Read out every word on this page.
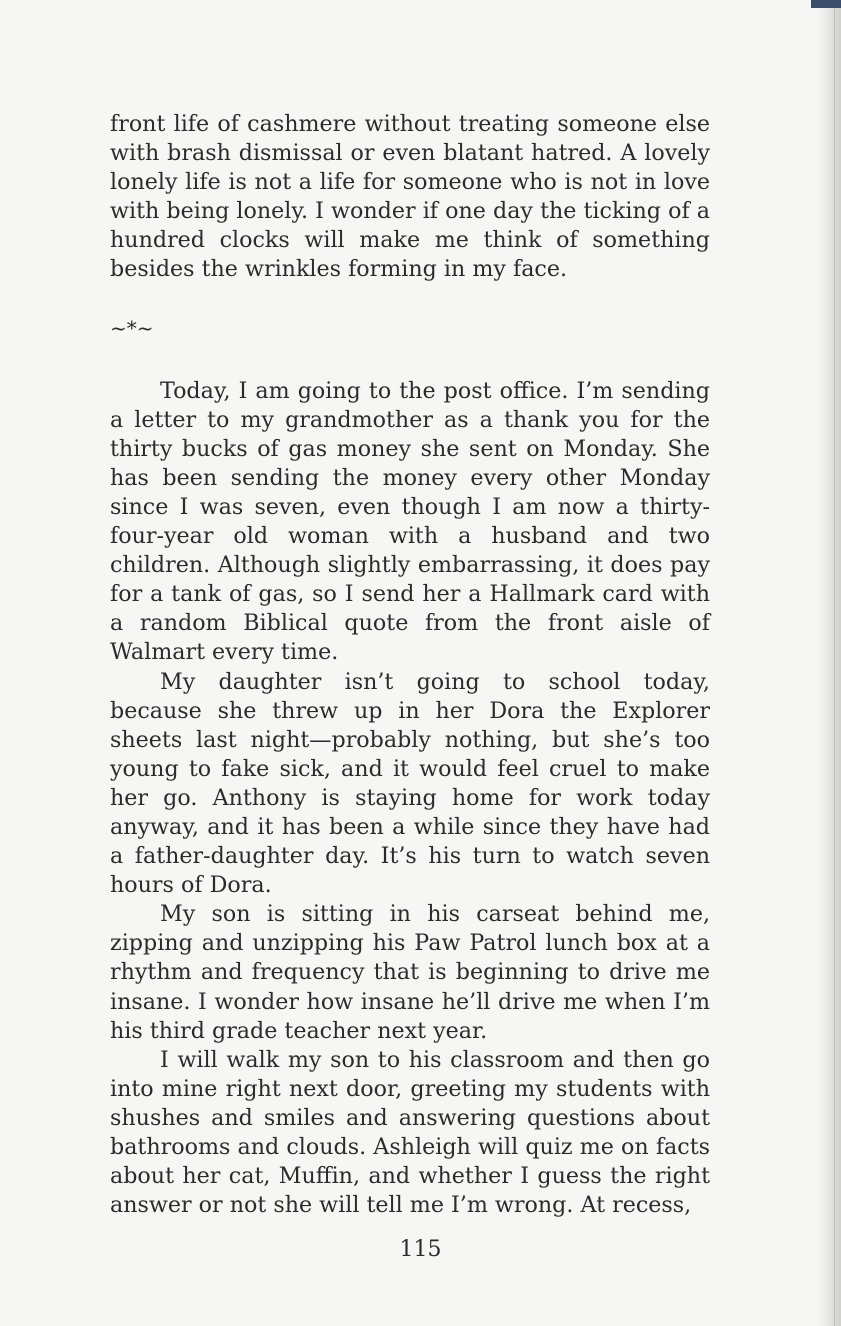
front life of cashmere without treating someone else with brash dismissal or even blatant hatred. A lovely lonely life is not a life for someone who is not in love with being lonely. I wonder if one day the ticking of a hundred clocks will make me think of something besides the wrinkles forming in my face.

~*~

Today, I am going to the post office. I’m sending a letter to my grandmother as a thank you for the thirty bucks of gas money she sent on Monday. She has been sending the money every other Monday since I was seven, even though I am now a thirty-four-year old woman with a husband and two children. Although slightly embarrassing, it does pay for a tank of gas, so I send her a Hallmark card with a random Biblical quote from the front aisle of Walmart every time.

My daughter isn’t going to school today, because she threw up in her Dora the Explorer sheets last night—probably nothing, but she’s too young to fake sick, and it would feel cruel to make her go. Anthony is staying home for work today anyway, and it has been a while since they have had a father-daughter day. It’s his turn to watch seven hours of Dora.

My son is sitting in his carseat behind me, zipping and unzipping his Paw Patrol lunch box at a rhythm and frequency that is beginning to drive me insane. I wonder how insane he’ll drive me when I’m his third grade teacher next year.

I will walk my son to his classroom and then go into mine right next door, greeting my students with shushes and smiles and answering questions about bathrooms and clouds. Ashleigh will quiz me on facts about her cat, Muffin, and whether I guess the right answer or not she will tell me I’m wrong. At recess,

115
